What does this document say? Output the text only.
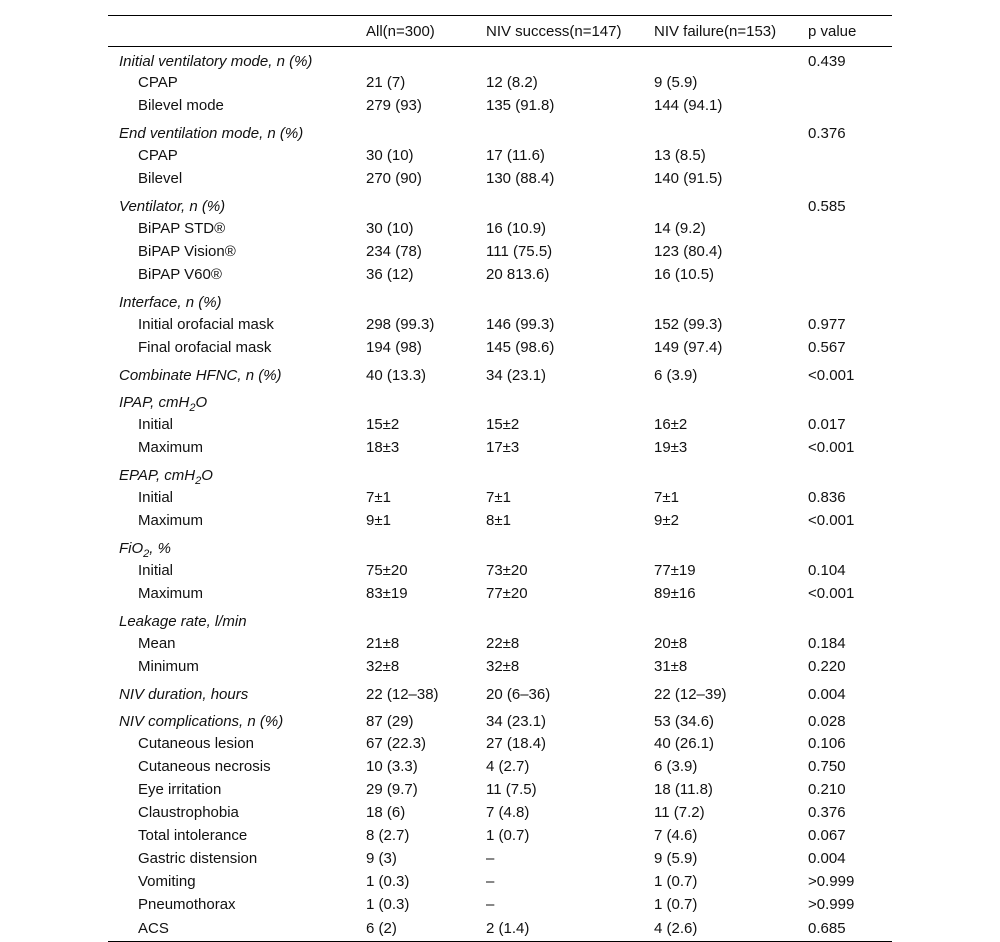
	All(n=300)	NIV success(n=147)	NIV failure(n=153)	p value
Initial ventilatory mode, n (%)				0.439
CPAP	21 (7)	12 (8.2)	9 (5.9)	
Bilevel mode	279 (93)	135 (91.8)	144 (94.1)	
End ventilation mode, n (%)				0.376
CPAP	30 (10)	17 (11.6)	13 (8.5)	
Bilevel	270 (90)	130 (88.4)	140 (91.5)	
Ventilator, n (%)				0.585
BiPAP STD®	30 (10)	16 (10.9)	14 (9.2)	
BiPAP Vision®	234 (78)	111 (75.5)	123 (80.4)	
BiPAP V60®	36 (12)	20 813.6)	16 (10.5)	
Interface, n (%)				
Initial orofacial mask	298 (99.3)	146 (99.3)	152 (99.3)	0.977
Final orofacial mask	194 (98)	145 (98.6)	149 (97.4)	0.567
Combinate HFNC, n (%)	40 (13.3)	34 (23.1)	6 (3.9)	<0.001
IPAP, cmH$_2$O				
Initial	15±2	15±2	16±2	0.017
Maximum	18±3	17±3	19±3	<0.001
EPAP, cmH$_2$O				
Initial	7±1	7±1	7±1	0.836
Maximum	9±1	8±1	9±2	<0.001
FiO$_2$, %				
Initial	75±20	73±20	77±19	0.104
Maximum	83±19	77±20	89±16	<0.001
Leakage rate, l/min				
Mean	21±8	22±8	20±8	0.184
Minimum	32±8	32±8	31±8	0.220
NIV duration, hours	22 (12–38)	20 (6–36)	22 (12–39)	0.004
NIV complications, n (%)	87 (29)	34 (23.1)	53 (34.6)	0.028
Cutaneous lesion	67 (22.3)	27 (18.4)	40 (26.1)	0.106
Cutaneous necrosis	10 (3.3)	4 (2.7)	6 (3.9)	0.750
Eye irritation	29 (9.7)	11 (7.5)	18 (11.8)	0.210
Claustrophobia	18 (6)	7 (4.8)	11 (7.2)	0.376
Total intolerance	8 (2.7)	1 (0.7)	7 (4.6)	0.067
Gastric distension	9 (3)	–	9 (5.9)	0.004
Vomiting	1 (0.3)	–	1 (0.7)	>0.999
Pneumothorax	1 (0.3)	–	1 (0.7)	>0.999
ACS	6 (2)	2 (1.4)	4 (2.6)	0.685
